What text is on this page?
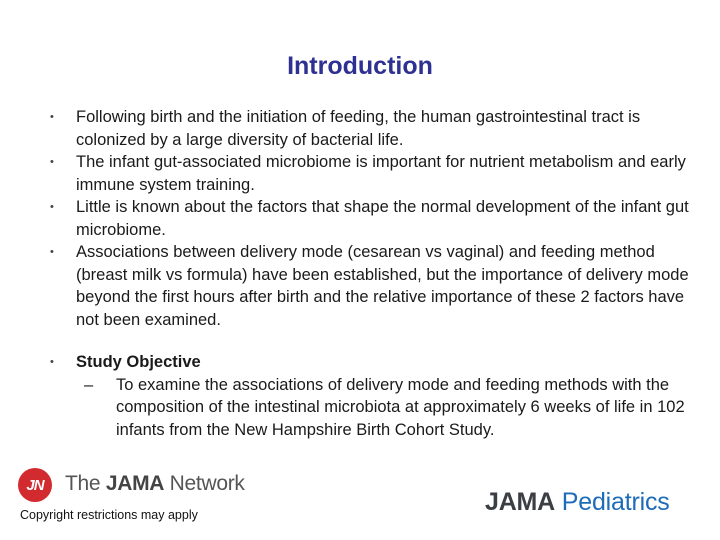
Introduction
•	Following birth and the initiation of feeding, the human gastrointestinal tract is colonized by a large diversity of bacterial life.
•	The infant gut-associated microbiome is important for nutrient metabolism and early immune system training.
•	Little is known about the factors that shape the normal development of the infant gut microbiome.
•	Associations between delivery mode (cesarean vs vaginal) and feeding method (breast milk vs formula) have been established, but the importance of delivery mode beyond the first hours after birth and the relative importance of these 2 factors have not been examined.
•	Study Objective
– To examine the associations of delivery mode and feeding methods with the composition of the intestinal microbiota at approximately 6 weeks of life in 102 infants from the New Hampshire Birth Cohort Study.
JN The JAMA Network
Copyright restrictions may apply	JAMA Pediatrics
